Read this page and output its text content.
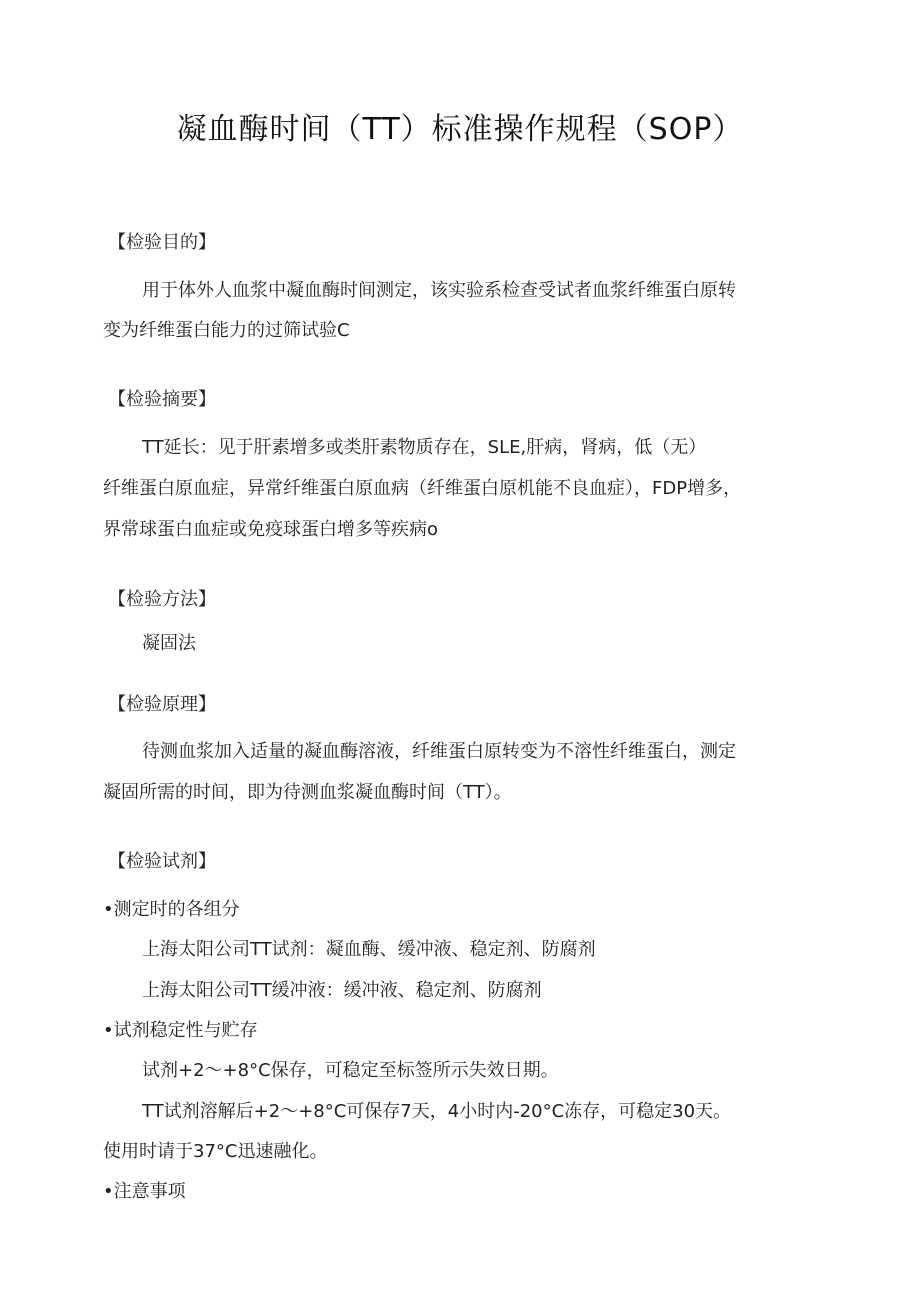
凝血酶时间（TT）标准操作规程（SOP）
【检验目的】
用于体外人血浆中凝血酶时间测定，该实验系检查受试者血浆纤维蛋白原转
变为纤维蛋白能力的过筛试验C
【检验摘要】
TT延长：见于肝素增多或类肝素物质存在，SLE,肝病，肾病，低（无）
纤维蛋白原血症，异常纤维蛋白原血病（纤维蛋白原机能不良血症），FDP增多，
界常球蛋白血症或免疫球蛋白增多等疾病o
【检验方法】
凝固法
【检验原理】
待测血浆加入适量的凝血酶溶液，纤维蛋白原转变为不溶性纤维蛋白，测定
凝固所需的时间，即为待测血浆凝血酶时间（TT）。
【检验试剂】
•测定时的各组分
上海太阳公司TT试剂：凝血酶、缓冲液、稳定剂、防腐剂
上海太阳公司TT缓冲液：缓冲液、稳定剂、防腐剂
•试剂稳定性与贮存
试剂+2～+8°C保存，可稳定至标签所示失效日期。
TT试剂溶解后+2～+8°C可保存7天，4小时内-20°C冻存，可稳定30天。
使用时请于37°C迅速融化。
•注意事项
